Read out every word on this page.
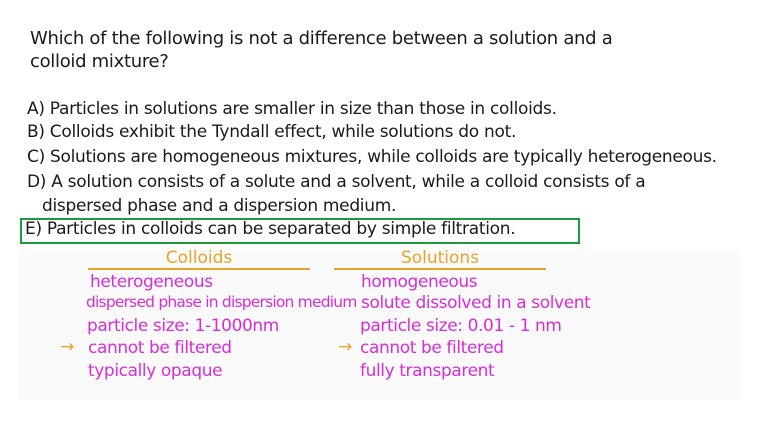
Which of the following is not a difference between a solution and a
colloid mixture?
A) Particles in solutions are smaller in size than those in colloids.
B) Colloids exhibit the Tyndall effect, while solutions do not.
C) Solutions are homogeneous mixtures, while colloids are typically heterogeneous.
D) A solution consists of a solute and a solvent, while a colloid consists of a
dispersed phase and a dispersion medium.
E) Particles in colloids can be separated by simple filtration.
Colloids	Solutions
heterogeneous
dispersed phase in dispersion medium
particle size: 1-1000nm
→ cannot be filtered
typically opaque
homogeneous
solute dissolved in a solvent
particle size: 0.01 - 1 nm
→ cannot be filtered
fully transparent
